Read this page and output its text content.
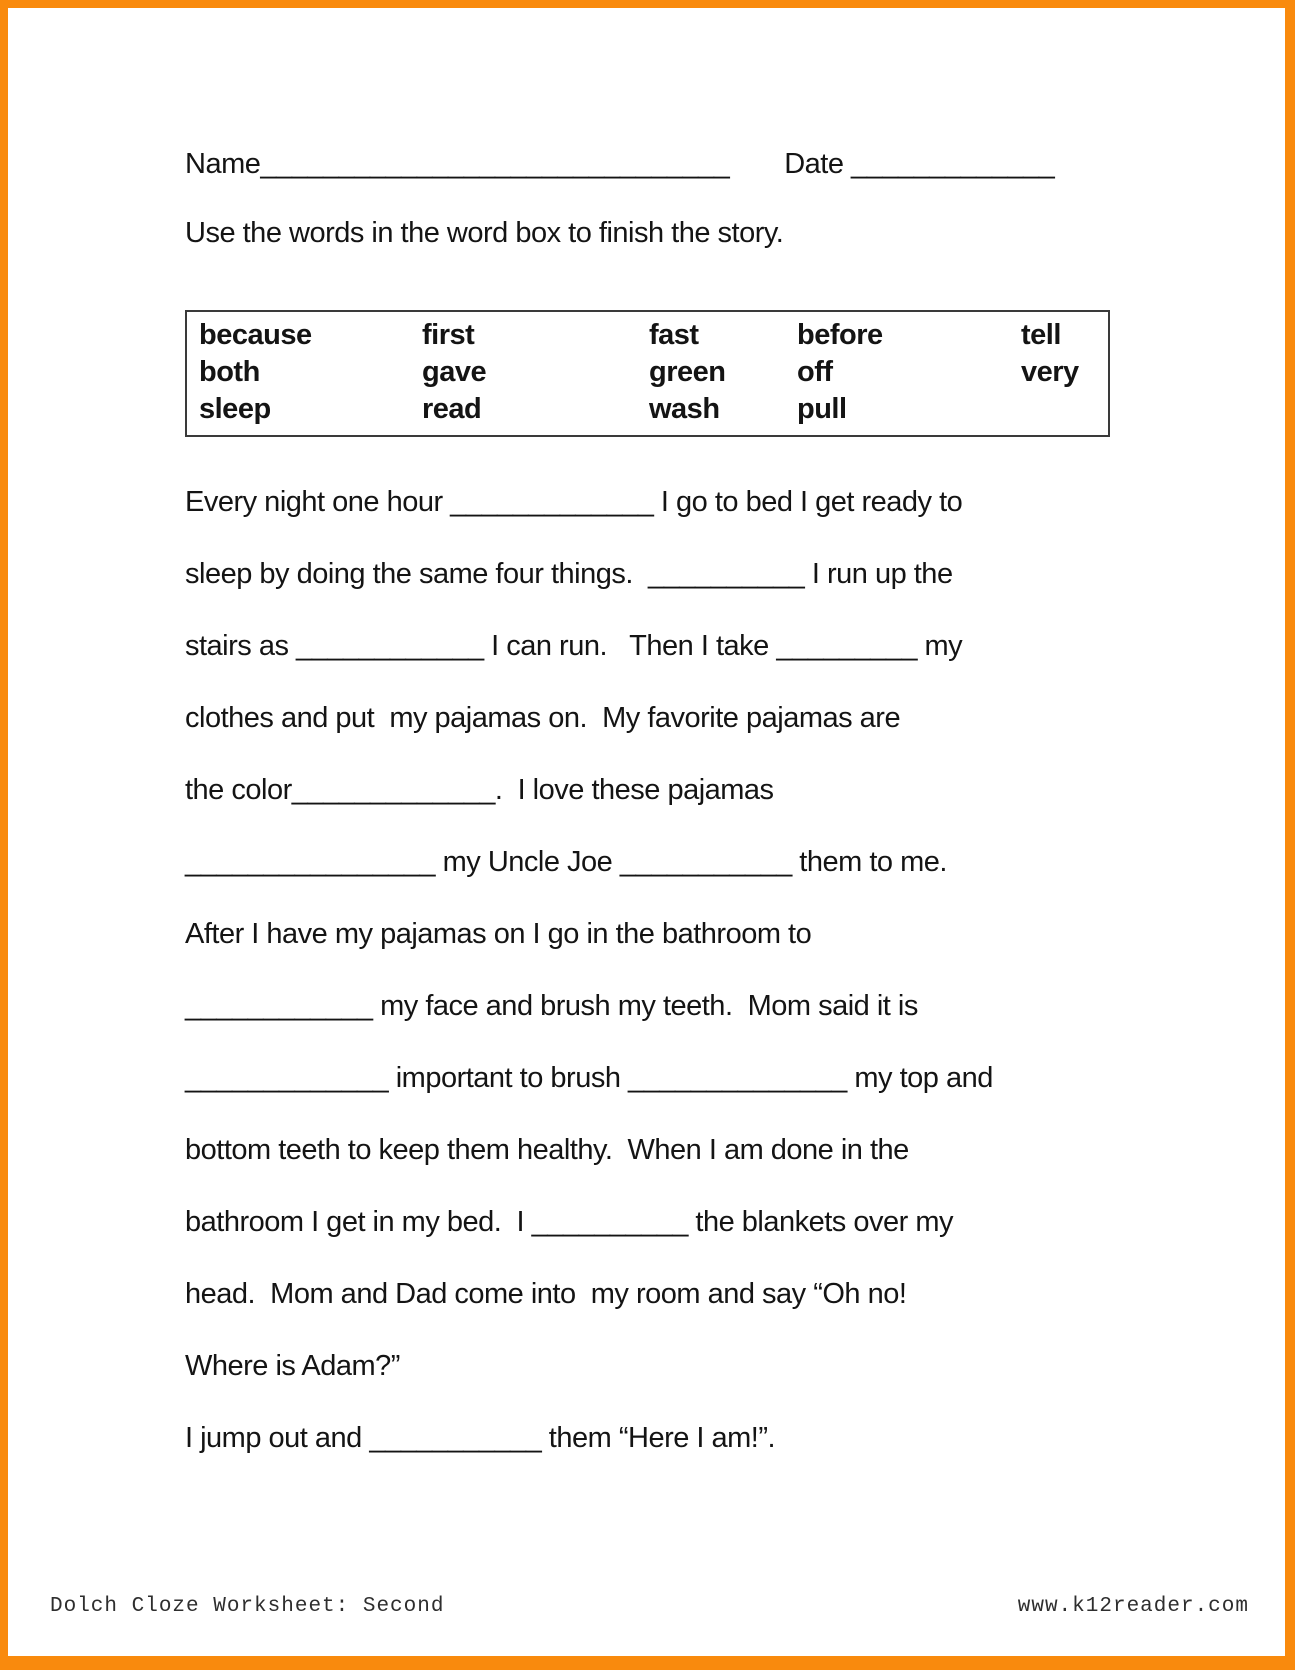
Name______________________________ Date _____________
Use the words in the word box to finish the story.
because	first	fast	before	tell
both	gave	green	off	very
sleep	read	wash	pull
Every night one hour _____________ I go to bed I get ready to
sleep by doing the same four things.  __________ I run up the
stairs as ____________ I can run.   Then I take _________ my
clothes and put  my pajamas on.  My favorite pajamas are
the color_____________.  I love these pajamas
________________ my Uncle Joe ___________ them to me.
After I have my pajamas on I go in the bathroom to
____________ my face and brush my teeth.  Mom said it is
_____________ important to brush ______________ my top and
bottom teeth to keep them healthy.  When I am done in the
bathroom I get in my bed.  I __________ the blankets over my
head.  Mom and Dad come into  my room and say “Oh no!
Where is Adam?”
I jump out and ___________ them “Here I am!”.
Dolch Cloze Worksheet: Second	www.k12reader.com
